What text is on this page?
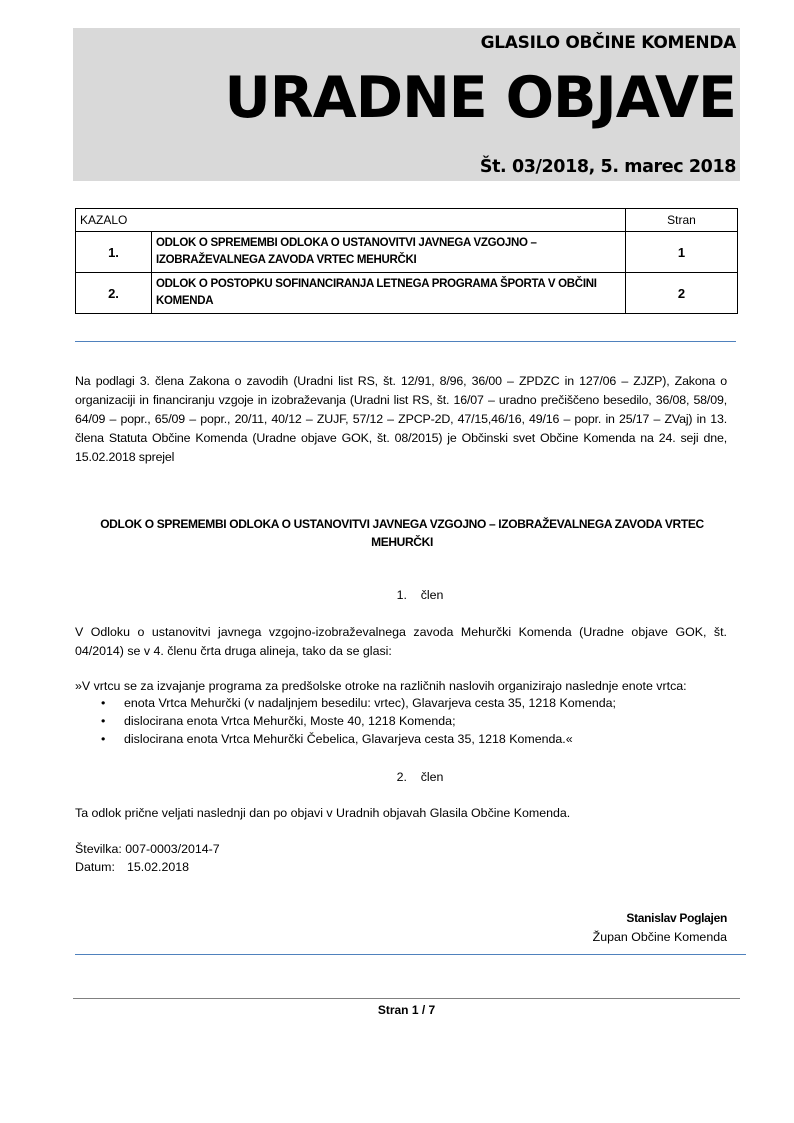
GLASILO OBČINE KOMENDA
URADNE OBJAVE
Št. 03/2018, 5. marec 2018
KAZALO		Stran
1.	ODLOK O SPREMEMBI ODLOKA O USTANOVITVI JAVNEGA VZGOJNO – IZOBRAŽEVALNEGA ZAVODA VRTEC MEHURČKI	1
2.	ODLOK O POSTOPKU SOFINANCIRANJA LETNEGA PROGRAMA ŠPORTA V OBČINI KOMENDA	2
Na podlagi 3. člena Zakona o zavodih (Uradni list RS, št. 12/91, 8/96, 36/00 – ZPDZC in 127/06 – ZJZP), Zakona o organizaciji in financiranju vzgoje in izobraževanja (Uradni list RS, št. 16/07 – uradno prečiščeno besedilo, 36/08, 58/09, 64/09 – popr., 65/09 – popr., 20/11, 40/12 – ZUJF, 57/12 – ZPCP-2D, 47/15,46/16, 49/16 – popr. in 25/17 – ZVaj) in 13. člena Statuta Občine Komenda (Uradne objave GOK, št. 08/2015) je Občinski svet Občine Komenda na 24. seji dne, 15.02.2018 sprejel
ODLOK O SPREMEMBI ODLOKA O USTANOVITVI JAVNEGA VZGOJNO – IZOBRAŽEVALNEGA ZAVODA VRTEC MEHURČKI
1. člen
V Odloku o ustanovitvi javnega vzgojno-izobraževalnega zavoda Mehurčki Komenda (Uradne objave GOK, št. 04/2014) se v 4. členu črta druga alineja, tako da se glasi:
»V vrtcu se za izvajanje programa za predšolske otroke na različnih naslovih organizirajo naslednje enote vrtca:
• enota Vrtca Mehurčki (v nadaljnjem besedilu: vrtec), Glavarjeva cesta 35, 1218 Komenda;
• dislocirana enota Vrtca Mehurčki, Moste 40, 1218 Komenda;
• dislocirana enota Vrtca Mehurčki Čebelica, Glavarjeva cesta 35, 1218 Komenda.«
2. člen
Ta odlok prične veljati naslednji dan po objavi v Uradnih objavah Glasila Občine Komenda.
Številka: 007-0003/2014-7
Datum: 15.02.2018
Stanislav Poglajen
Župan Občine Komenda
Stran 1 / 7
